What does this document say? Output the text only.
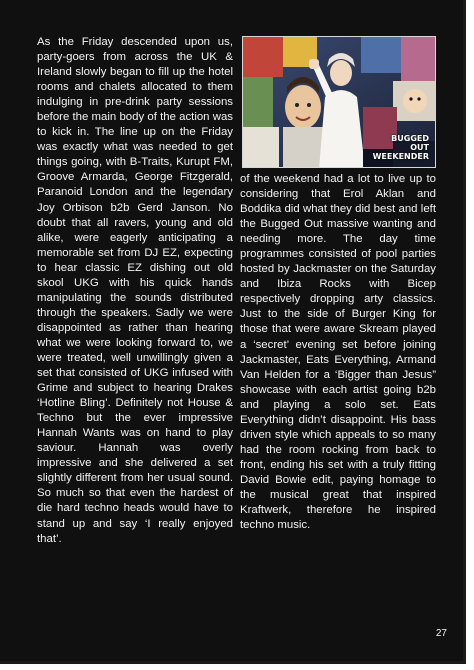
As the Friday descended upon us, party-goers from across the UK & Ireland slowly began to fill up the hotel rooms and chalets allocated to them indulging in pre-drink party sessions before the main body of the action was to kick in. The line up on the Friday was exactly what was needed to get things going, with B-Traits, Kurupt FM, Groove Armarda, George Fitzgerald, Paranoid London and the legendary Joy Orbison b2b Gerd Janson. No doubt that all ravers, young and old alike, were eagerly anticipating a memorable set from DJ EZ, expecting to hear classic EZ dishing out old skool UKG with his quick hands manipulating the sounds distributed through the speakers. Sadly we were disappointed as rather than hearing what we were looking forward to, we were treated, well unwillingly given a set that consisted of UKG infused with Grime and subject to hearing Drakes ‘Hotline Bling’. Definitely not House & Techno but the ever impressive Hannah Wants was on hand to play saviour. Hannah was overly impressive and she delivered a set slightly different from her usual sound. So much so that even the hardest of die hard techno heads would have to stand up and say ‘I really enjoyed that’.

BUGGED
OUT
WEEKENDER

of the weekend had a lot to live up to considering that Erol Aklan and Boddika did what they did best and left the Bugged Out massive wanting and needing more. The day time programmes consisted of pool parties hosted by Jackmaster on the Saturday and Ibiza Rocks with Bicep respectively dropping arty classics. Just to the side of Burger King for those that were aware Skream played a ‘secret’ evening set before joining Jackmaster, Eats Everything, Armand Van Helden for a ‘Bigger than Jesus” showcase with each artist going b2b and playing a solo set. Eats Everything didn’t disappoint. His bass driven style which appeals to so many had the room rocking from back to front, ending his set with a truly fitting David Bowie edit, paying homage to the musical great that inspired Kraftwerk, therefore he inspired techno music.

27
